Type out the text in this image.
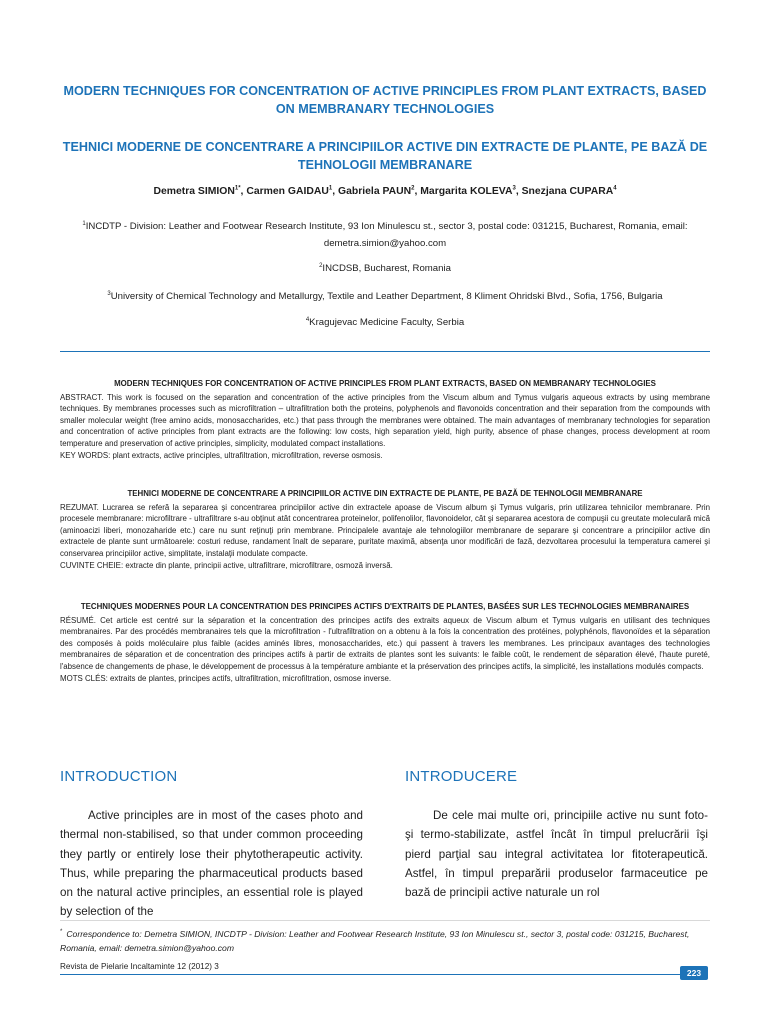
MODERN TECHNIQUES FOR CONCENTRATION OF ACTIVE PRINCIPLES FROM PLANT EXTRACTS, BASED ON MEMBRANARY TECHNOLOGIES
TEHNICI MODERNE DE CONCENTRARE A PRINCIPIILOR ACTIVE DIN EXTRACTE DE PLANTE, PE BAZĂ DE TEHNOLOGII MEMBRANARE
Demetra $SIMION^{1*}$, Carmen GAIDAU$^1$, Gabriela PAUN$^2$, Margarita KOLEVA$^3$, Snezjana CUPARA$^4$
$^1$INCDTP - Division: Leather and Footwear Research Institute, 93 Ion Minulescu st., sector 3, postal code: 031215, Bucharest, Romania, email: demetra.simion@yahoo.com
$^2$INCDSB, Bucharest, Romania
$^3$University of Chemical Technology and Metallurgy, Textile and Leather Department, 8 Kliment Ohridski Blvd., Sofia, 1756, Bulgaria
$^4$Kragujevac Medicine Faculty, Serbia
MODERN TECHNIQUES FOR CONCENTRATION OF ACTIVE PRINCIPLES FROM PLANT EXTRACTS, BASED ON MEMBRANARY TECHNOLOGIES
ABSTRACT. This work is focused on the separation and concentration of the active principles from the Viscum album and Tymus vulgaris aqueous extracts by using membrane techniques. By membranes processes such as microfiltration – ultrafiltration both the proteins, polyphenols and flavonoids concentration and their separation from the compounds with smaller molecular weight (free amino acids, monosaccharides, etc.) that pass through the membranes were obtained. The main advantages of membranary technologies for separation and concentration of active principles from plant extracts are the following: low costs, high separation yield, high purity, absence of phase changes, process development at room temperature and preservation of active principles, simplicity, modulated compact installations.
KEY WORDS: plant extracts, active principles, ultrafiltration, microfiltration, reverse osmosis.
TEHNICI MODERNE DE CONCENTRARE A PRINCIPIILOR ACTIVE DIN EXTRACTE DE PLANTE, PE BAZĂ DE TEHNOLOGII MEMBRANARE
REZUMAT. Lucrarea se referă la separarea şi concentrarea principiilor active din extractele apoase de Viscum album şi Tymus vulgaris, prin utilizarea tehnicilor membranare. Prin procesele membranare: microfiltrare - ultrafiltrare s-au obţinut atât concentrarea proteinelor, polifenolilor, flavonoidelor, cât şi separarea acestora de compuşii cu greutate moleculară mică (aminoacizi liberi, monozaharide etc.) care nu sunt reţinuţi prin membrane. Principalele avantaje ale tehnologiilor membranare de separare şi concentrare a principiilor active din extractele de plante sunt următoarele: costuri reduse, randament înalt de separare, puritate maximă, absenţa unor modificări de fază, dezvoltarea procesului la temperatura camerei şi conservarea principiilor active, simplitate, instalaţii modulate compacte.
CUVINTE CHEIE: extracte din plante, principii active, ultrafiltrare, microfiltrare, osmoză inversă.
TECHNIQUES MODERNES POUR LA CONCENTRATION DES PRINCIPES ACTIFS D'EXTRAITS DE PLANTES, BASÉES SUR LES TECHNOLOGIES MEMBRANAIRES
RÉSUMÉ. Cet article est centré sur la séparation et la concentration des principes actifs des extraits aqueux de Viscum album et Tymus vulgaris en utilisant des techniques membranaires. Par des procédés membranaires tels que la microfiltration - l'ultrafiltration on a obtenu à la fois la concentration des protéines, polyphénols, flavonoïdes et la séparation des composés à poids moléculaire plus faible (acides aminés libres, monosaccharides, etc.) qui passent à travers les membranes. Les principaux avantages des technologies membranaires de séparation et de concentration des principes actifs à partir de extraits de plantes sont les suivants: le faible coût, le rendement de séparation élevé, l'haute pureté, l'absence de changements de phase, le développement de processus à la température ambiante et la préservation des principes actifs, la simplicité, les installations modulés compacts.
MOTS CLÉS: extraits de plantes, principes actifs, ultrafiltration, microfiltration, osmose inverse.
INTRODUCTION	INTRODUCERE

Active principles are in most of the cases photo and thermal non-stabilised, so that under common proceeding they partly or entirely lose their phytotherapeutic activity. Thus, while preparing the pharmaceutical products based on the natural active principles, an essential role is played by selection of the

De cele mai multe ori, principiile active nu sunt foto- şi termo-stabilizate, astfel încât în timpul prelucrării îşi pierd parţial sau integral activitatea lor fitoterapeutică. Astfel, în timpul preparării produselor farmaceutice pe bază de principii active naturale un rol

* Correspondence to: Demetra SIMION, INCDTP - Division: Leather and Footwear Research Institute, 93 Ion Minulescu st., sector 3, postal code: 031215, Bucharest, Romania, email: demetra.simion@yahoo.com
Revista de Pielarie Incaltaminte 12 (2012) 3
223
